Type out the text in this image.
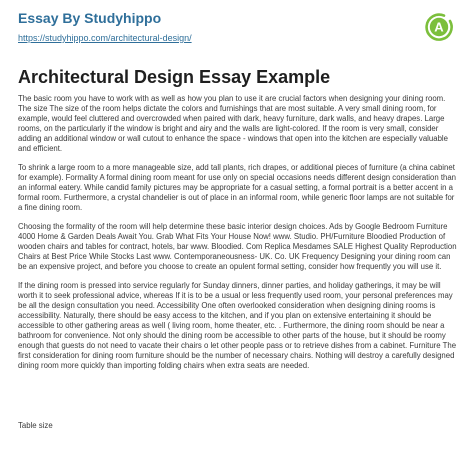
Essay By Studyhippo
https://studyhippo.com/architectural-design/
A
Architectural Design Essay Example

The basic room you have to work with as well as how you plan to use it are crucial factors when designing your dining room. The size The size of the room helps dictate the colors and furnishings that are most suitable. A very small dining room, for example, would feel cluttered and overcrowded when paired with dark, heavy furniture, dark walls, and heavy drapes. Large rooms, on the particularly if the window is bright and airy and the walls are light-colored. If the room is very small, consider adding an additional window or wall cutout to enhance the space - windows that open into the kitchen are especially valuable and efficient.

To shrink a large room to a more manageable size, add tall plants, rich drapes, or additional pieces of furniture (a china cabinet for example). Formality A formal dining room meant for use only on special occasions needs different design consideration than an informal eatery. While candid family pictures may be appropriate for a casual setting, a formal portrait is a better accent in a formal room. Furthermore, a crystal chandelier is out of place in an informal room, while generic floor lamps are not suitable for a fine dining room.

Choosing the formality of the room will help determine these basic interior design choices. Ads by Google Bedroom Furniture 4000 Home & Garden Deals Await You. Grab What Fits Your House Now! www. Studio. PH/Furniture Bloodied Production of wooden chairs and tables for contract, hotels, bar www. Bloodied. Com Replica Mesdames SALE Highest Quality Reproduction Chairs at Best Price While Stocks Last www. Contemporaneousness- UK. Co. UK Frequency Designing your dining room can be an expensive project, and before you choose to create an opulent formal setting, consider how frequently you will use it.

If the dining room is pressed into service regularly for Sunday dinners, dinner parties, and holiday gatherings, it may be will worth it to seek professional advice, whereas If it is to be a usual or less frequently used room, your personal preferences may be all the design consultation you need. Accessibility One often overlooked consideration when designing dining rooms is accessibility. Naturally, there should be easy access to the kitchen, and if you plan on extensive entertaining it should be accessible to other gathering areas as well ( living room, home theater, etc. . Furthermore, the dining room should be near a bathroom for convenience. Not only should the dining room be accessible to other parts of the house, but it should be roomy enough that guests do not need to vacate their chairs o let other people pass or to retrieve dishes from a cabinet. Furniture The first consideration for dining room furniture should be the number of necessary chairs. Nothing will destroy a carefully designed dining room more quickly than importing folding chairs when extra seats are needed.

Table size
